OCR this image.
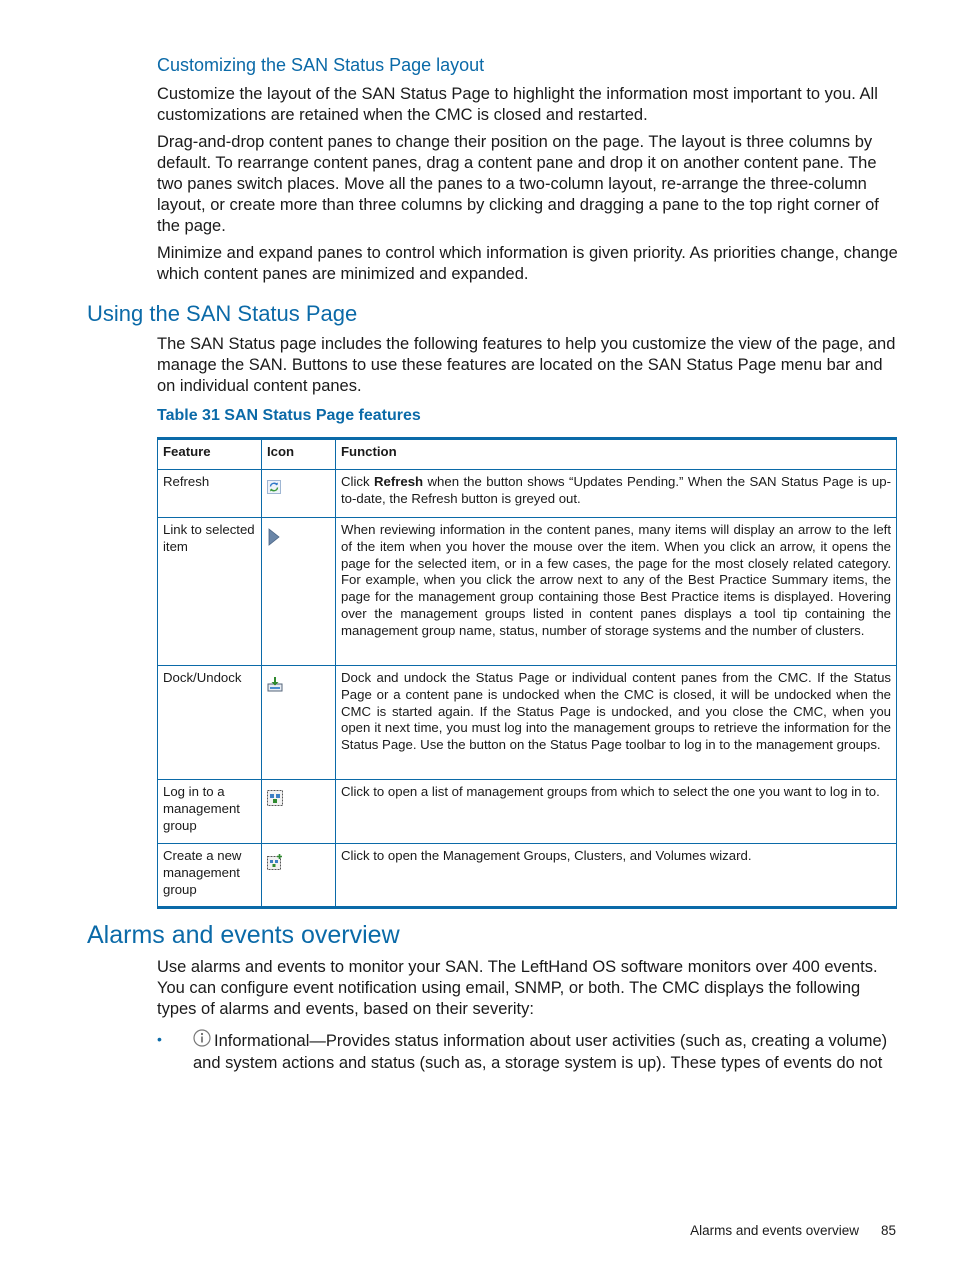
Customizing the SAN Status Page layout

Customize the layout of the SAN Status Page to highlight the information most important to you. All customizations are retained when the CMC is closed and restarted.

Drag-and-drop content panes to change their position on the page. The layout is three columns by default. To rearrange content panes, drag a content pane and drop it on another content pane. The two panes switch places. Move all the panes to a two-column layout, re-arrange the three-column layout, or create more than three columns by clicking and dragging a pane to the top right corner of the page.

Minimize and expand panes to control which information is given priority. As priorities change, change which content panes are minimized and expanded.

Using the SAN Status Page

The SAN Status page includes the following features to help you customize the view of the page, and manage the SAN. Buttons to use these features are located on the SAN Status Page menu bar and on individual content panes.

Table 31 SAN Status Page features

Feature	Icon	Function
Refresh		Click Refresh when the button shows “Updates Pending.” When the SAN Status Page is up-to-date, the Refresh button is greyed out.
Link to selected item		When reviewing information in the content panes, many items will display an arrow to the left of the item when you hover the mouse over the item. When you click an arrow, it opens the page for the selected item, or in a few cases, the page for the most closely related category. For example, when you click the arrow next to any of the Best Practice Summary items, the page for the management group containing those Best Practice items is displayed. Hovering over the management groups listed in content panes displays a tool tip containing the management group name, status, number of storage systems and the number of clusters.
Dock/Undock		Dock and undock the Status Page or individual content panes from the CMC. If the Status Page or a content pane is undocked when the CMC is closed, it will be undocked when the CMC is started again. If the Status Page is undocked, and you close the CMC, when you open it next time, you must log into the management groups to retrieve the information for the Status Page. Use the button on the Status Page toolbar to log in to the management groups.
Log in to a management group		Click to open a list of management groups from which to select the one you want to log in to.
Create a new management group		Click to open the Management Groups, Clusters, and Volumes wizard.
Alarms and events overview

Use alarms and events to monitor your SAN. The LeftHand OS software monitors over 400 events. You can configure event notification using email, SNMP, or both. The CMC displays the following types of alarms and events, based on their severity:

•	Informational—Provides status information about user activities (such as, creating a volume) and system actions and status (such as, a storage system is up). These types of events do not

Alarms and events overview 85
